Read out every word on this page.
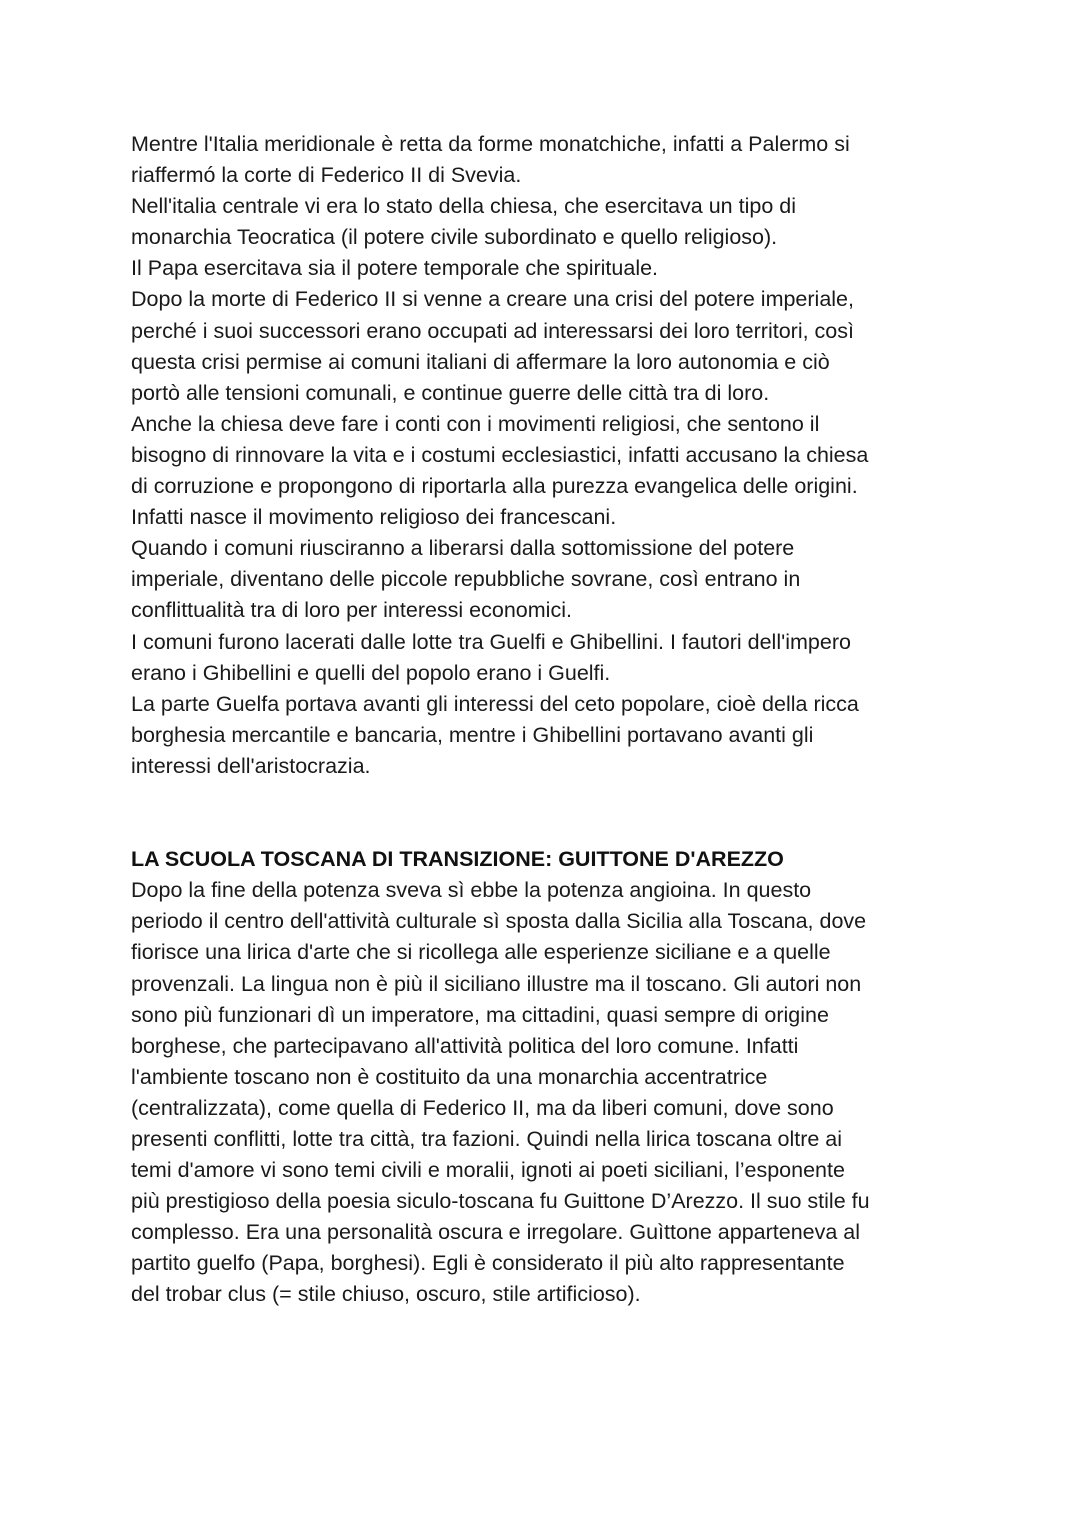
Mentre l'Italia meridionale è retta da forme monatchiche, infatti a Palermo si
riaffermó la corte di Federico II di Svevia.
Nell'italia centrale vi era lo stato della chiesa, che esercitava un tipo di
monarchia Teocratica (il potere civile subordinato e quello religioso).
Il Papa esercitava sia il potere temporale che spirituale.
Dopo la morte di Federico II si venne a creare una crisi del potere imperiale,
perché i suoi successori erano occupati ad interessarsi dei loro territori, così
questa crisi permise ai comuni italiani di affermare la loro autonomia e ciò
portò alle tensioni comunali, e continue guerre delle città tra di loro.
Anche la chiesa deve fare i conti con i movimenti religiosi, che sentono il
bisogno di rinnovare la vita e i costumi ecclesiastici, infatti accusano la chiesa
di corruzione e propongono di riportarla alla purezza evangelica delle origini.
Infatti nasce il movimento religioso dei francescani.
Quando i comuni riusciranno a liberarsi dalla sottomissione del potere
imperiale, diventano delle piccole repubbliche sovrane, così entrano in
conflittualità tra di loro per interessi economici.
I comuni furono lacerati dalle lotte tra Guelfi e Ghibellini. I fautori dell'impero
erano i Ghibellini e quelli del popolo erano i Guelfi.
La parte Guelfa portava avanti gli interessi del ceto popolare, cioè della ricca
borghesia mercantile e bancaria, mentre i Ghibellini portavano avanti gli
interessi dell'aristocrazia.
LA SCUOLA TOSCANA DI TRANSIZIONE: GUITTONE D'AREZZO
Dopo la fine della potenza sveva sì ebbe la potenza angioina. In questo
periodo il centro dell'attività culturale sì sposta dalla Sicilia alla Toscana, dove
fiorisce una lirica d'arte che si ricollega alle esperienze siciliane e a quelle
provenzali. La lingua non è più il siciliano illustre ma il toscano. Gli autori non
sono più funzionari dì un imperatore, ma cittadini, quasi sempre di origine
borghese, che partecipavano all'attività politica del loro comune. Infatti
l'ambiente toscano non è costituito da una monarchia accentratrice
(centralizzata), come quella di Federico II, ma da liberi comuni, dove sono
presenti conflitti, lotte tra città, tra fazioni. Quindi nella lirica toscana oltre ai
temi d'amore vi sono temi civili e moralii, ignoti ai poeti siciliani, l’esponente
più prestigioso della poesia siculo-toscana fu Guittone D’Arezzo. Il suo stile fu
complesso. Era una personalità oscura e irregolare. Guìttone apparteneva al
partito guelfo (Papa, borghesi). Egli è considerato il più alto rappresentante
del trobar clus (= stile chiuso, oscuro, stile artificioso).
